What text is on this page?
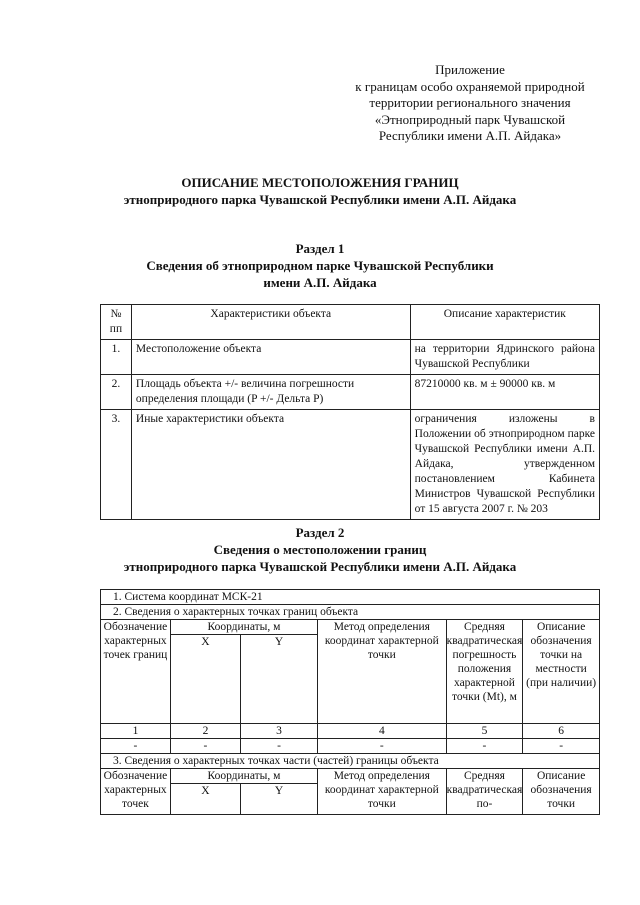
Приложение
к границам особо охраняемой природной
территории регионального значения
«Этноприродный парк Чувашской
Республики имени А.П. Айдака»
ОПИСАНИЕ МЕСТОПОЛОЖЕНИЯ ГРАНИЦ
этноприродного парка Чувашской Республики имени А.П. Айдака
Раздел 1
Сведения об этноприродном парке Чувашской Республики
имени А.П. Айдака
№ пп	Характеристики объекта	Описание характеристик
1.	Местоположение объекта	на территории Ядринского района Чувашской Республики
2.	Площадь объекта +/- величина погрешности определения площади (P +/- Дельта P)	87210000 кв. м ± 90000 кв. м
3.	Иные характеристики объекта	ограничения изложены в Положении об этноприродном парке Чувашской Республики имени А.П. Айдака, утвержденном постановлением Кабинета Министров Чувашской Республики от 15 августа 2007 г. № 203
Раздел 2
Сведения о местоположении границ
этноприродного парка Чувашской Республики имени А.П. Айдака
1. Система координат МСК-21					
2. Сведения о характерных точках границ объекта					
Обозначение характерных точек границ	Координаты, м		Метод определения координат характерной точки	Средняя квадратическая погрешность положения характерной точки (Mt), м	Описание обозначения точки на местности (при наличии)
	X	Y			
1	2	3	4	5	6
-	-	-	-	-	-
3. Сведения о характерных точках части (частей) границы объекта					
Обозначение характерных точек	Координаты, м		Метод определения координат характерной точки	Средняя квадратическая по-	Описание обозначения точки
	X	Y			
